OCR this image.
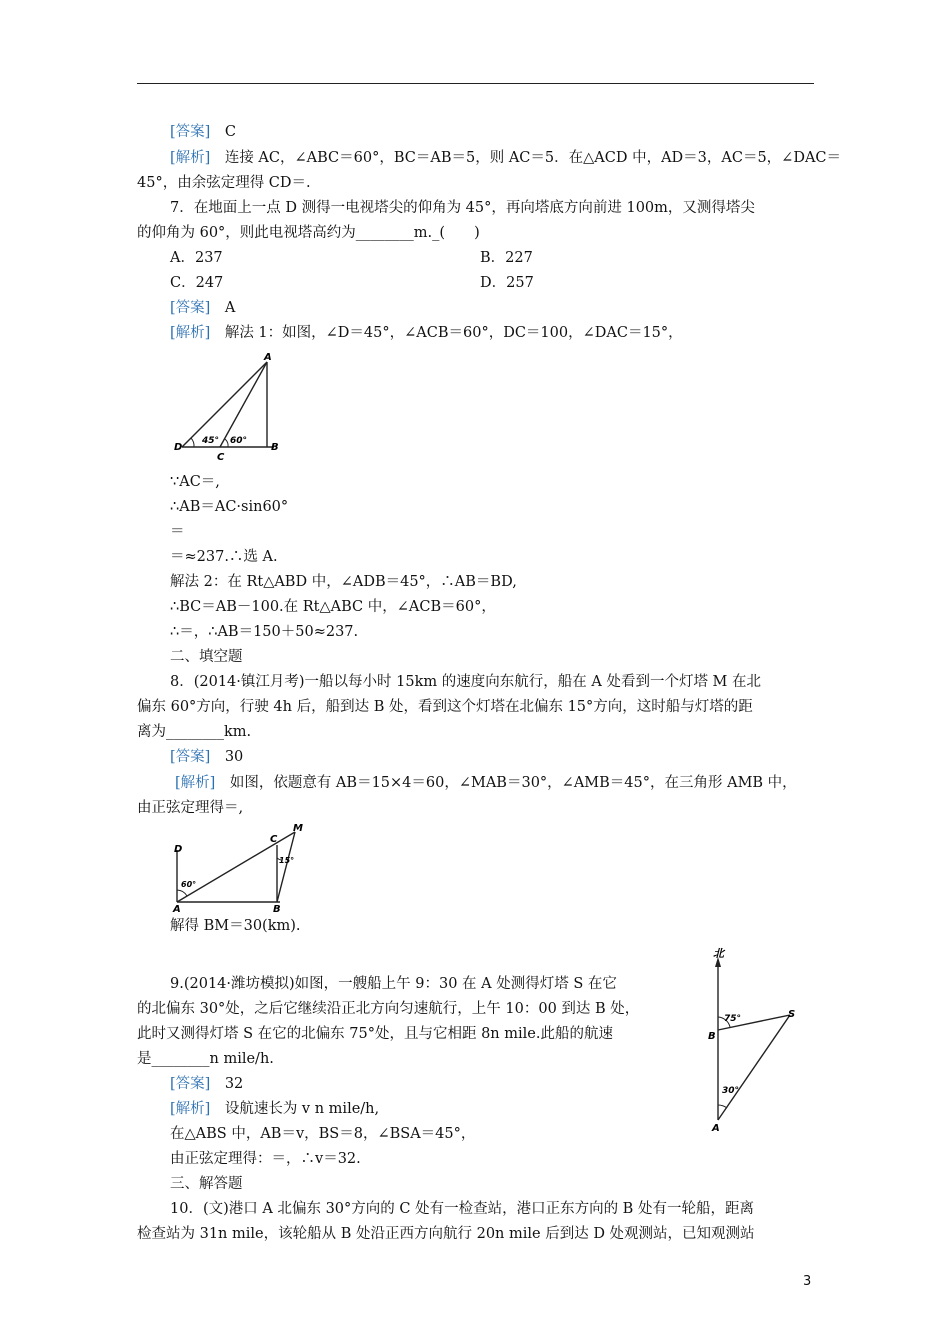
[答案]　 C
[解析]　 连接 AC，∠ABC＝60°，BC＝AB＝5，则 AC＝5．在△ACD 中，AD＝3，AC＝5，∠DAC＝
45°，由余弦定理得 CD＝.
7．在地面上一点 D 测得一电视塔尖的仰角为 45°，再向塔底方向前进 100m，又测得塔尖
的仰角为 60°，则此电视塔高约为________m._(　　)
A．237	B．227
C．247	D．257
[答案]　 A
[解析]　 解法 1：如图，∠D＝45°，∠ACB＝60°，DC＝100，∠DAC＝15°，
A
B
C
D
45° 60°
∵AC＝,
∴AB＝AC·sin60°
＝
＝≈237.∴选 A.
解法 2：在 Rt△ABD 中，∠ADB＝45°，∴AB＝BD,
∴BC＝AB－100.在 Rt△ABC 中，∠ACB＝60°，
∴＝，∴AB＝150＋50≈237.
二、填空题
8．(2014·镇江月考)一船以每小时 15km 的速度向东航行，船在 A 处看到一个灯塔 M 在北
偏东 60°方向，行驶 4h 后，船到达 B 处，看到这个灯塔在北偏东 15°方向，这时船与灯塔的距
离为________km.
[答案]　 30
[解析]　 如图，依题意有 AB＝15×4＝60，∠MAB＝30°，∠AMB＝45°，在三角形 AMB 中，
由正弦定理得＝,
D
A	B
C
M
60°
15°
解得 BM＝30(km).
9.(2014·潍坊模拟)如图，一艘船上午 9：30 在 A 处测得灯塔 S 在它
的北偏东 30°处，之后它继续沿正北方向匀速航行，上午 10：00 到达 B 处，
此时又测得灯塔 S 在它的北偏东 75°处，且与它相距 8n mile.此船的航速
是________n mile/h.
[答案]　 32
[解析]　 设航速长为 v n mile/h,
在△ABS 中，AB＝v，BS＝8，∠BSA＝45°，
由正弦定理得：＝，∴v＝32.
三、解答题
10．(文)港口 A 北偏东 30°方向的 C 处有一检查站，港口正东方向的 B 处有一轮船，距离
检查站为 31n mile，该轮船从 B 处沿正西方向航行 20n mile 后到达 D 处观测站，已知观测站
北
B
S
A
75°
30°
3
